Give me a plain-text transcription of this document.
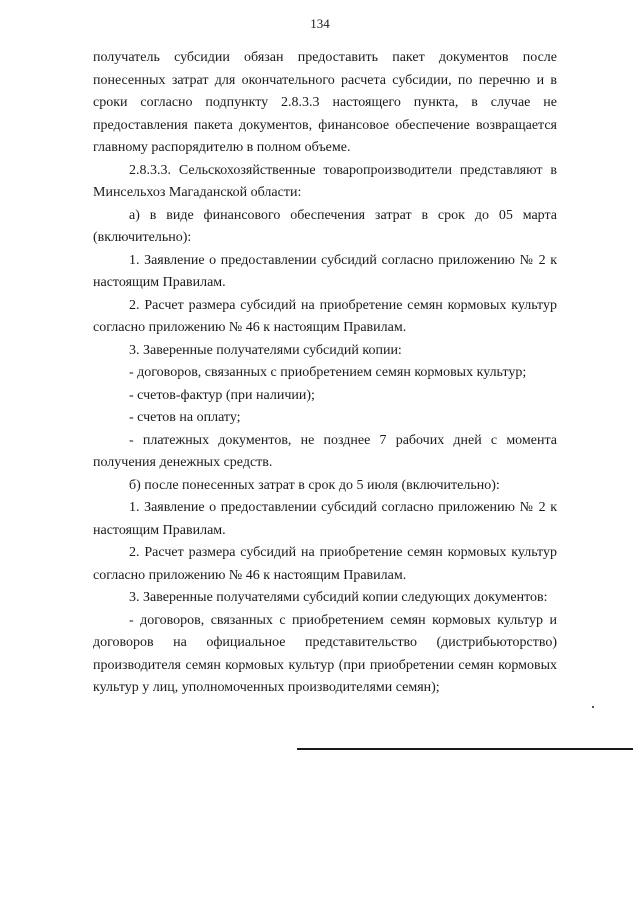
134

получатель субсидии обязан предоставить пакет документов после понесенных затрат для окончательного расчета субсидии, по перечню и в сроки согласно подпункту 2.8.3.3 настоящего пункта, в случае не предоставления пакета документов, финансовое обеспечение возвращается главному распорядителю в полном объеме.

2.8.3.3. Сельскохозяйственные товаропроизводители представляют в Минсельхоз Магаданской области:

а) в виде финансового обеспечения затрат в срок до 05 марта (включительно):

1. Заявление о предоставлении субсидий согласно приложению № 2 к настоящим Правилам.

2. Расчет размера субсидий на приобретение семян кормовых культур согласно приложению № 46 к настоящим Правилам.

3. Заверенные получателями субсидий копии:

- договоров, связанных с приобретением семян кормовых культур;

- счетов-фактур (при наличии);

- счетов на оплату;

- платежных документов, не позднее 7 рабочих дней с момента получения денежных средств.

б) после понесенных затрат в срок до 5 июля (включительно):

1. Заявление о предоставлении субсидий согласно приложению № 2 к настоящим Правилам.

2. Расчет размера субсидий на приобретение семян кормовых культур согласно приложению № 46 к настоящим Правилам.

3. Заверенные получателями субсидий копии следующих документов:

- договоров, связанных с приобретением семян кормовых культур и договоров на официальное представительство (дистрибьюторство) производителя семян кормовых культур (при приобретении семян кормовых культур у лиц, уполномоченных производителями семян);
